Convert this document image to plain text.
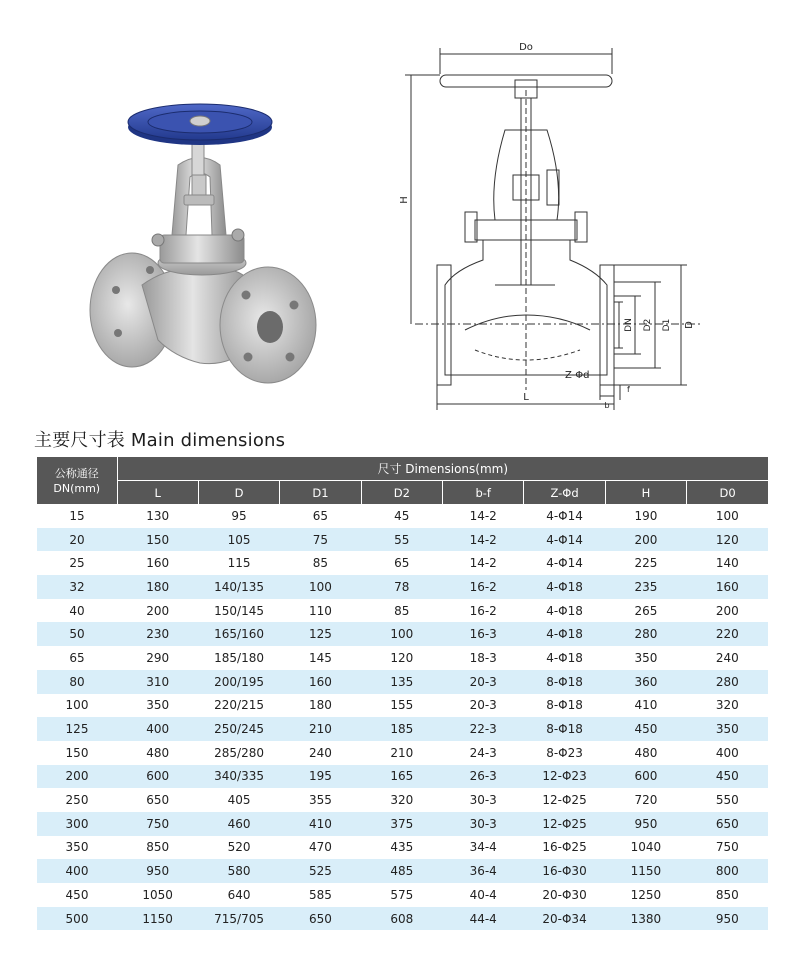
Do
H
DN D2 D1 D
Z-Φd
L
b
f
主要尺寸表 Main dimensions
公称通径
DN(mm)	尺寸 Dimensions(mm)							
	L	D	D1	D2	b-f	Z-Φd	H	D0
15	130	95	65	45	14-2	4-Φ14	190	100
20	150	105	75	55	14-2	4-Φ14	200	120
25	160	115	85	65	14-2	4-Φ14	225	140
32	180	140/135	100	78	16-2	4-Φ18	235	160
40	200	150/145	110	85	16-2	4-Φ18	265	200
50	230	165/160	125	100	16-3	4-Φ18	280	220
65	290	185/180	145	120	18-3	4-Φ18	350	240
80	310	200/195	160	135	20-3	8-Φ18	360	280
100	350	220/215	180	155	20-3	8-Φ18	410	320
125	400	250/245	210	185	22-3	8-Φ18	450	350
150	480	285/280	240	210	24-3	8-Φ23	480	400
200	600	340/335	195	165	26-3	12-Φ23	600	450
250	650	405	355	320	30-3	12-Φ25	720	550
300	750	460	410	375	30-3	12-Φ25	950	650
350	850	520	470	435	34-4	16-Φ25	1040	750
400	950	580	525	485	36-4	16-Φ30	1150	800
450	1050	640	585	575	40-4	20-Φ30	1250	850
500	1150	715/705	650	608	44-4	20-Φ34	1380	950
